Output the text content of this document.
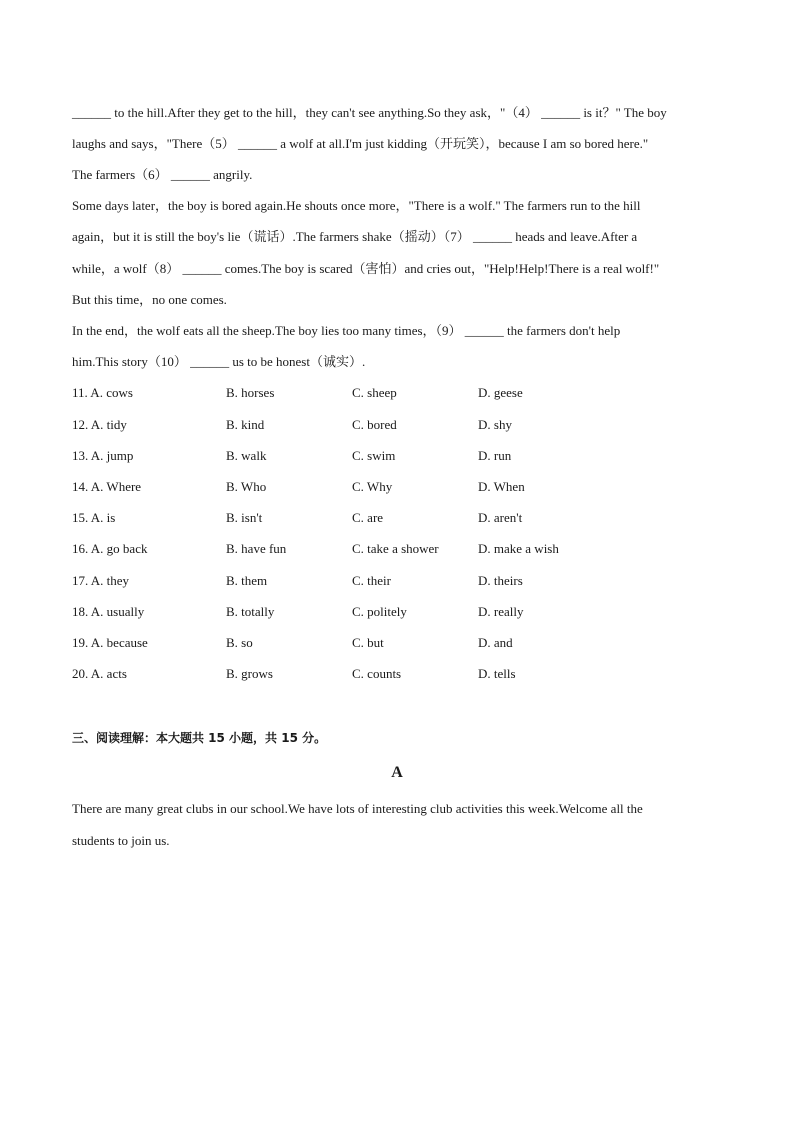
______ to the hill.After they get to the hill，they can't see anything.So they ask，"（4） ______ is it？" The boy
laughs and says，"There（5） ______ a wolf at all.I'm just kidding（开玩笑），because I am so bored here."
The farmers（6） ______ angrily.
Some days later，the boy is bored again.He shouts once more，"There is a wolf." The farmers run to the hill
again，but it is still the boy's lie（谎话）.The farmers shake（摇动）（7） ______ heads and leave.After a
while，a wolf（8） ______ comes.The boy is scared（害怕）and cries out，"Help!Help!There is a real wolf!"
But this time，no one comes.
In the end，the wolf eats all the sheep.The boy lies too many times，（9） ______ the farmers don't help
him.This story（10） ______ us to be honest（诚实）.
11. A. cows	B. horses	C. sheep	D. geese
12. A. tidy	B. kind	C. bored	D. shy
13. A. jump	B. walk	C. swim	D. run
14. A. Where	B. Who	C. Why	D. When
15. A. is	B. isn't	C. are	D. aren't
16. A. go back	B. have fun	C. take a shower	D. make a wish
17. A. they	B. them	C. their	D. theirs
18. A. usually	B. totally	C. politely	D. really
19. A. because	B. so	C. but	D. and
20. A. acts	B. grows	C. counts	D. tells
三、阅读理解：本大题共 15 小题，共 15 分。
A
There are many great clubs in our school.We have lots of interesting club activities this week.Welcome all the
students to join us.
